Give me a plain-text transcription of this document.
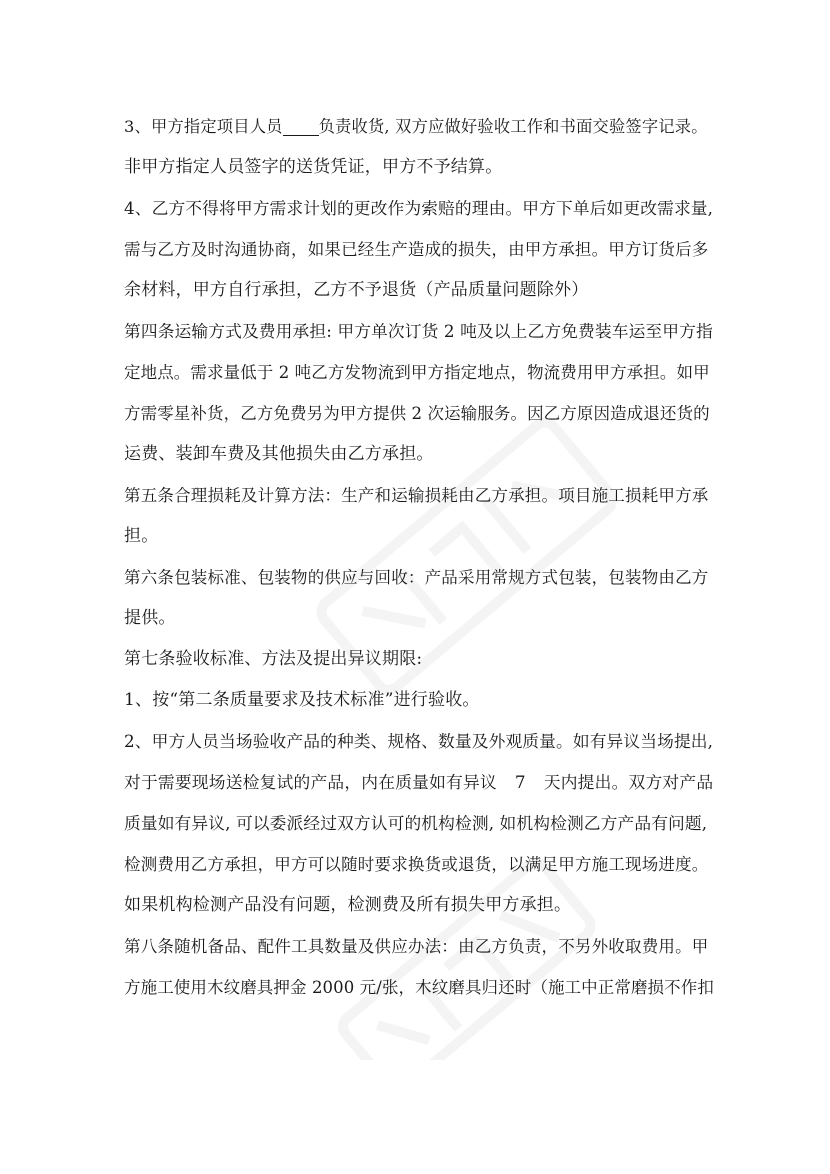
3、甲方指定项目人员 负责收货, 双方应做好验收工作和书面交验签字记录。
非甲方指定人员签字的送货凭证，甲方不予结算。
4、乙方不得将甲方需求计划的更改作为索赔的理由。甲方下单后如更改需求量,
需与乙方及时沟通协商，如果已经生产造成的损失，由甲方承担。甲方订货后多
余材料，甲方自行承担，乙方不予退货（产品质量问题除外）
第四条运输方式及费用承担: 甲方单次订货 2 吨及以上乙方免费装车运至甲方指
定地点。需求量低于 2 吨乙方发物流到甲方指定地点，物流费用甲方承担。如甲
方需零星补货，乙方免费另为甲方提供 2 次运输服务。因乙方原因造成退还货的
运费、装卸车费及其他损失由乙方承担。
第五条合理损耗及计算方法：生产和运输损耗由乙方承担。项目施工损耗甲方承
担。
第六条包装标准、包装物的供应与回收：产品采用常规方式包装，包装物由乙方
提供。
第七条验收标准、方法及提出异议期限:
1、按“第二条质量要求及技术标准”进行验收。
2、甲方人员当场验收产品的种类、规格、数量及外观质量。如有异议当场提出,
对于需要现场送检复试的产品，内在质量如有异议 7 天内提出。双方对产品
质量如有异议, 可以委派经过双方认可的机构检测, 如机构检测乙方产品有问题,
检测费用乙方承担，甲方可以随时要求换货或退货，以满足甲方施工现场进度。
如果机构检测产品没有问题，检测费及所有损失甲方承担。
第八条随机备品、配件工具数量及供应办法：由乙方负责，不另外收取费用。甲
方施工使用木纹磨具押金 2000 元/张，木纹磨具归还时（施工中正常磨损不作扣
